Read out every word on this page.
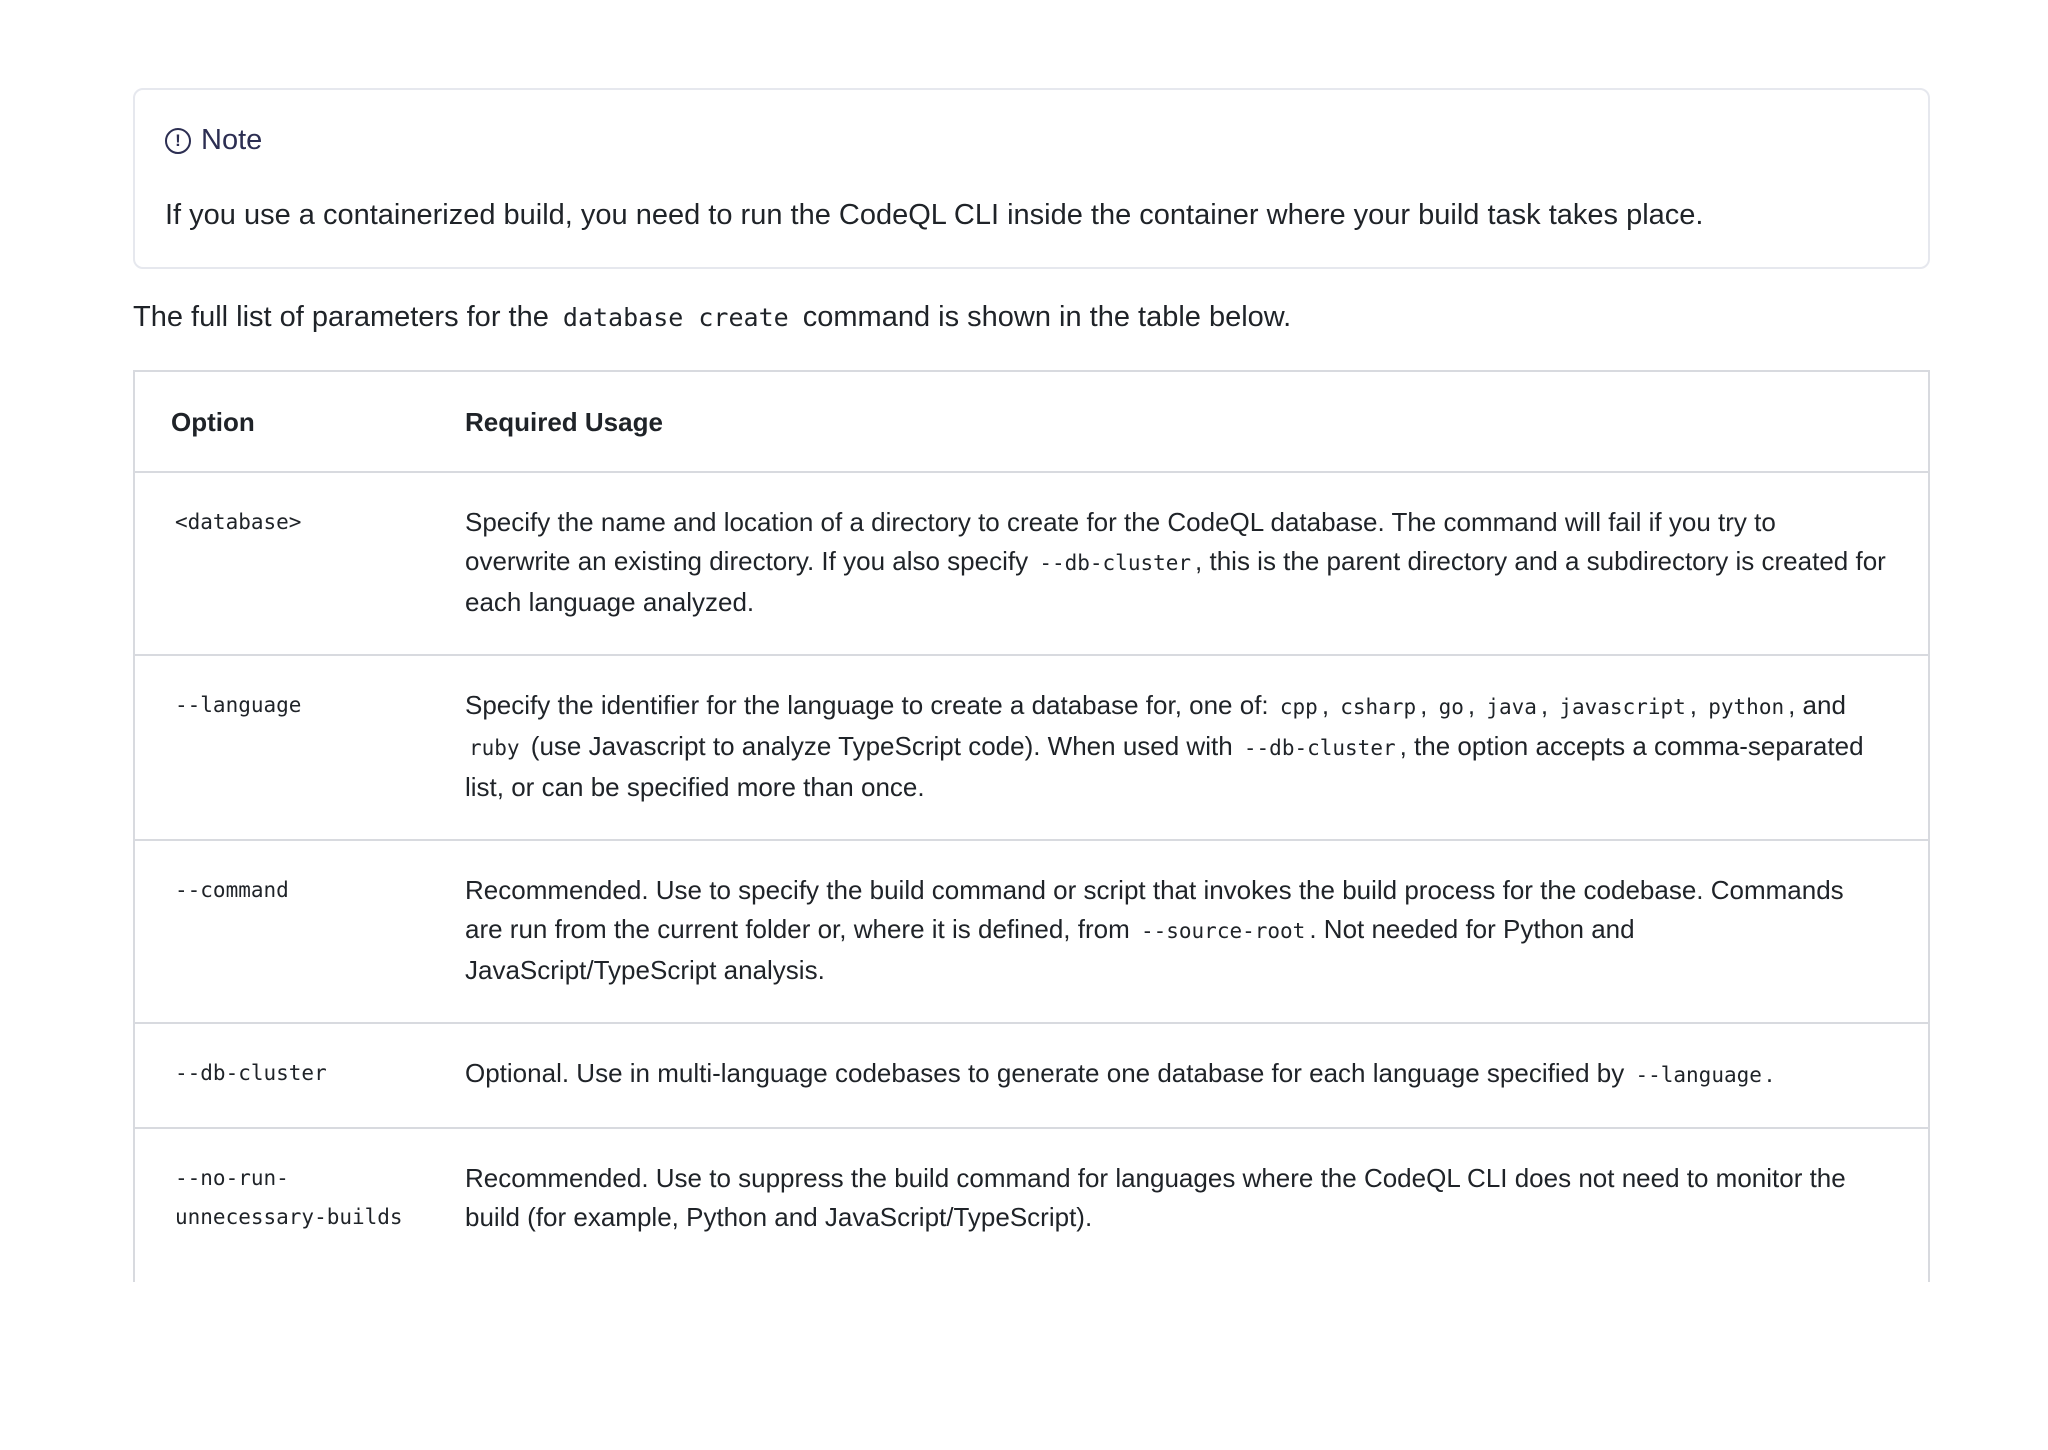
! Note
If you use a containerized build, you need to run the CodeQL CLI inside the container where your build task takes place.

The full list of parameters for the database create command is shown in the table below.

Option	Required Usage
<database>	Specify the name and location of a directory to create for the CodeQL database. The command will fail if you try to overwrite an existing directory. If you also specify --db-cluster , this is the parent directory and a subdirectory is created for each language analyzed.
--language	Specify the identifier for the language to create a database for, one of: cpp , csharp , go , java , javascript , python , and ruby (use Javascript to analyze TypeScript code). When used with --db-cluster , the option accepts a comma-separated list, or can be specified more than once.
--command	Recommended. Use to specify the build command or script that invokes the build process for the codebase. Commands are run from the current folder or, where it is defined, from --source-root . Not needed for Python and JavaScript/TypeScript analysis.
--db-cluster	Optional. Use in multi-language codebases to generate one database for each language specified by --language .
--no-run-unnecessary-builds	Recommended. Use to suppress the build command for languages where the CodeQL CLI does not need to monitor the build (for example, Python and JavaScript/TypeScript).
